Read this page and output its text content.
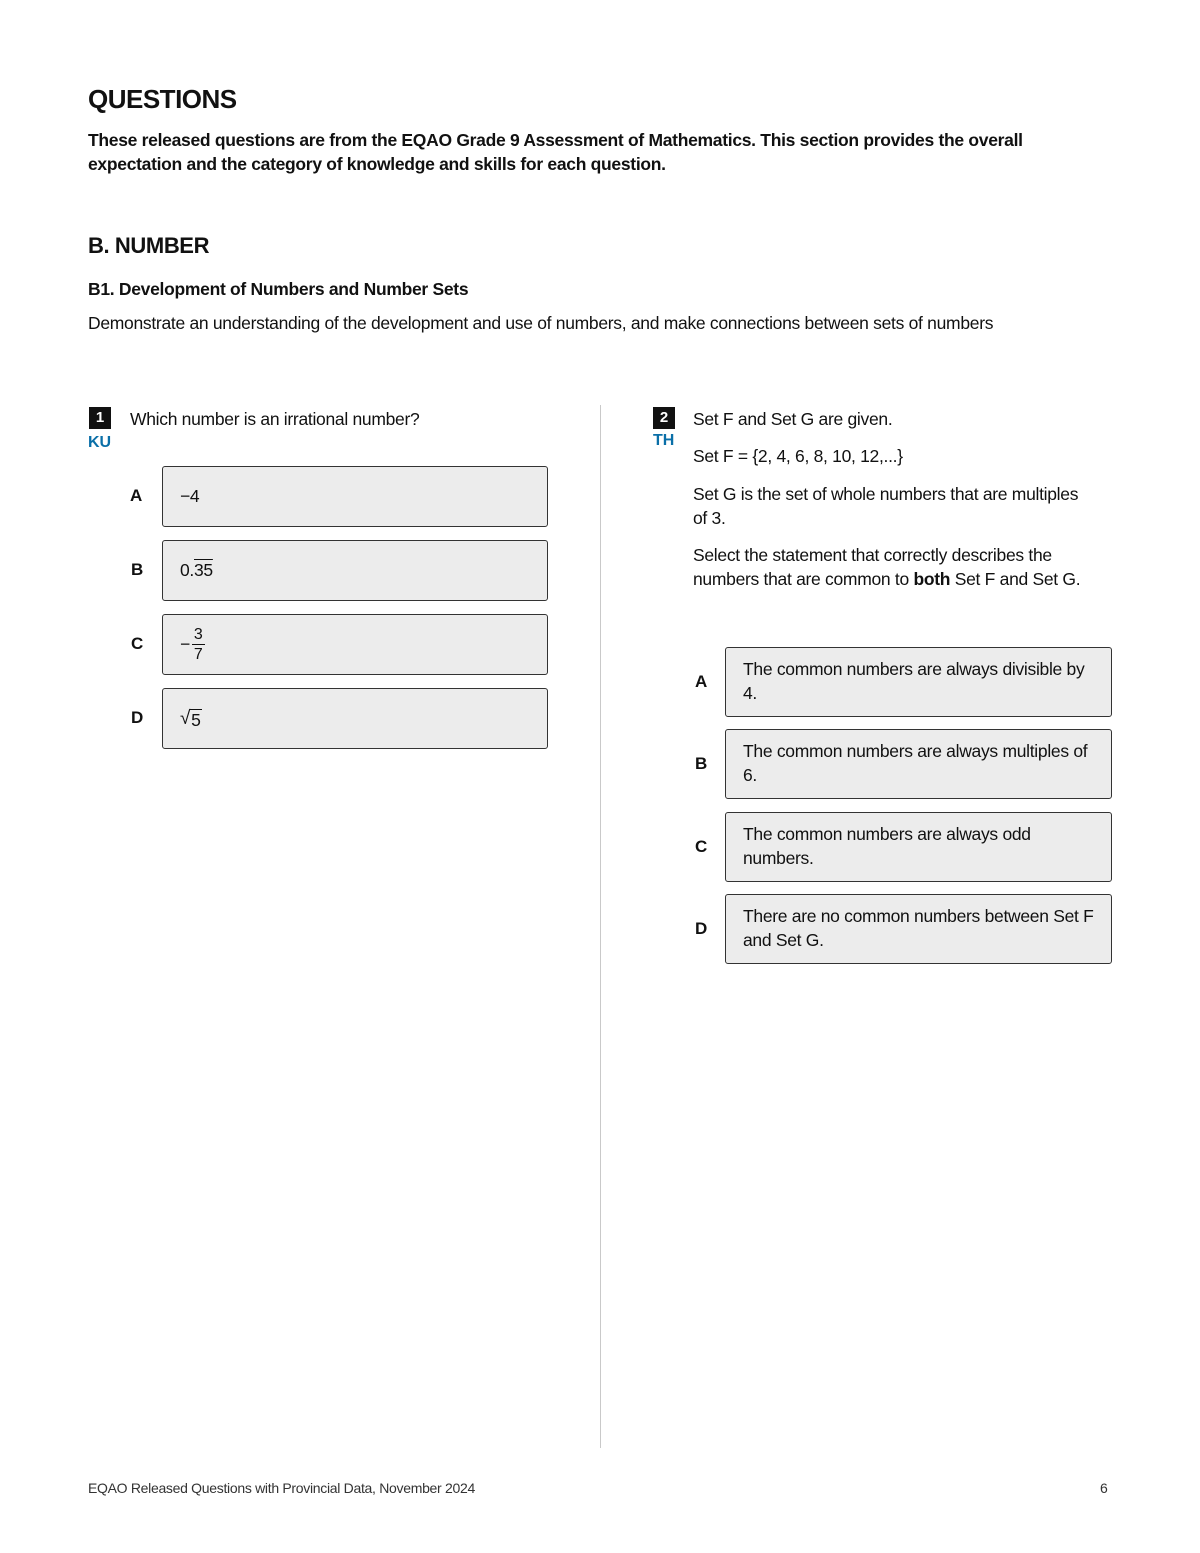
QUESTIONS

These released questions are from the EQAO Grade 9 Assessment of Mathematics. This section provides the overall expectation and the category of knowledge and skills for each question.

B. NUMBER

B1. Development of Numbers and Number Sets

Demonstrate an understanding of the development and use of numbers, and make connections between sets of numbers

1
KU

Which number is an irrational number?

A −4
B 0. 35
$C - \frac{3}{7}$
D √ 5
2
TH

Set F and Set G are given.

Set F = {2, 4, 6, 8, 10, 12,...}

Set G is the set of whole numbers that are multiples of 3.

Select the statement that correctly describes the numbers that are common to both Set F and Set G.

A
The common numbers are always divisible by 4.
B
The common numbers are always multiples of 6.
C
The common numbers are always odd numbers.
D
There are no common numbers between Set F and Set G.
EQAO Released Questions with Provincial Data, November 2024	6
